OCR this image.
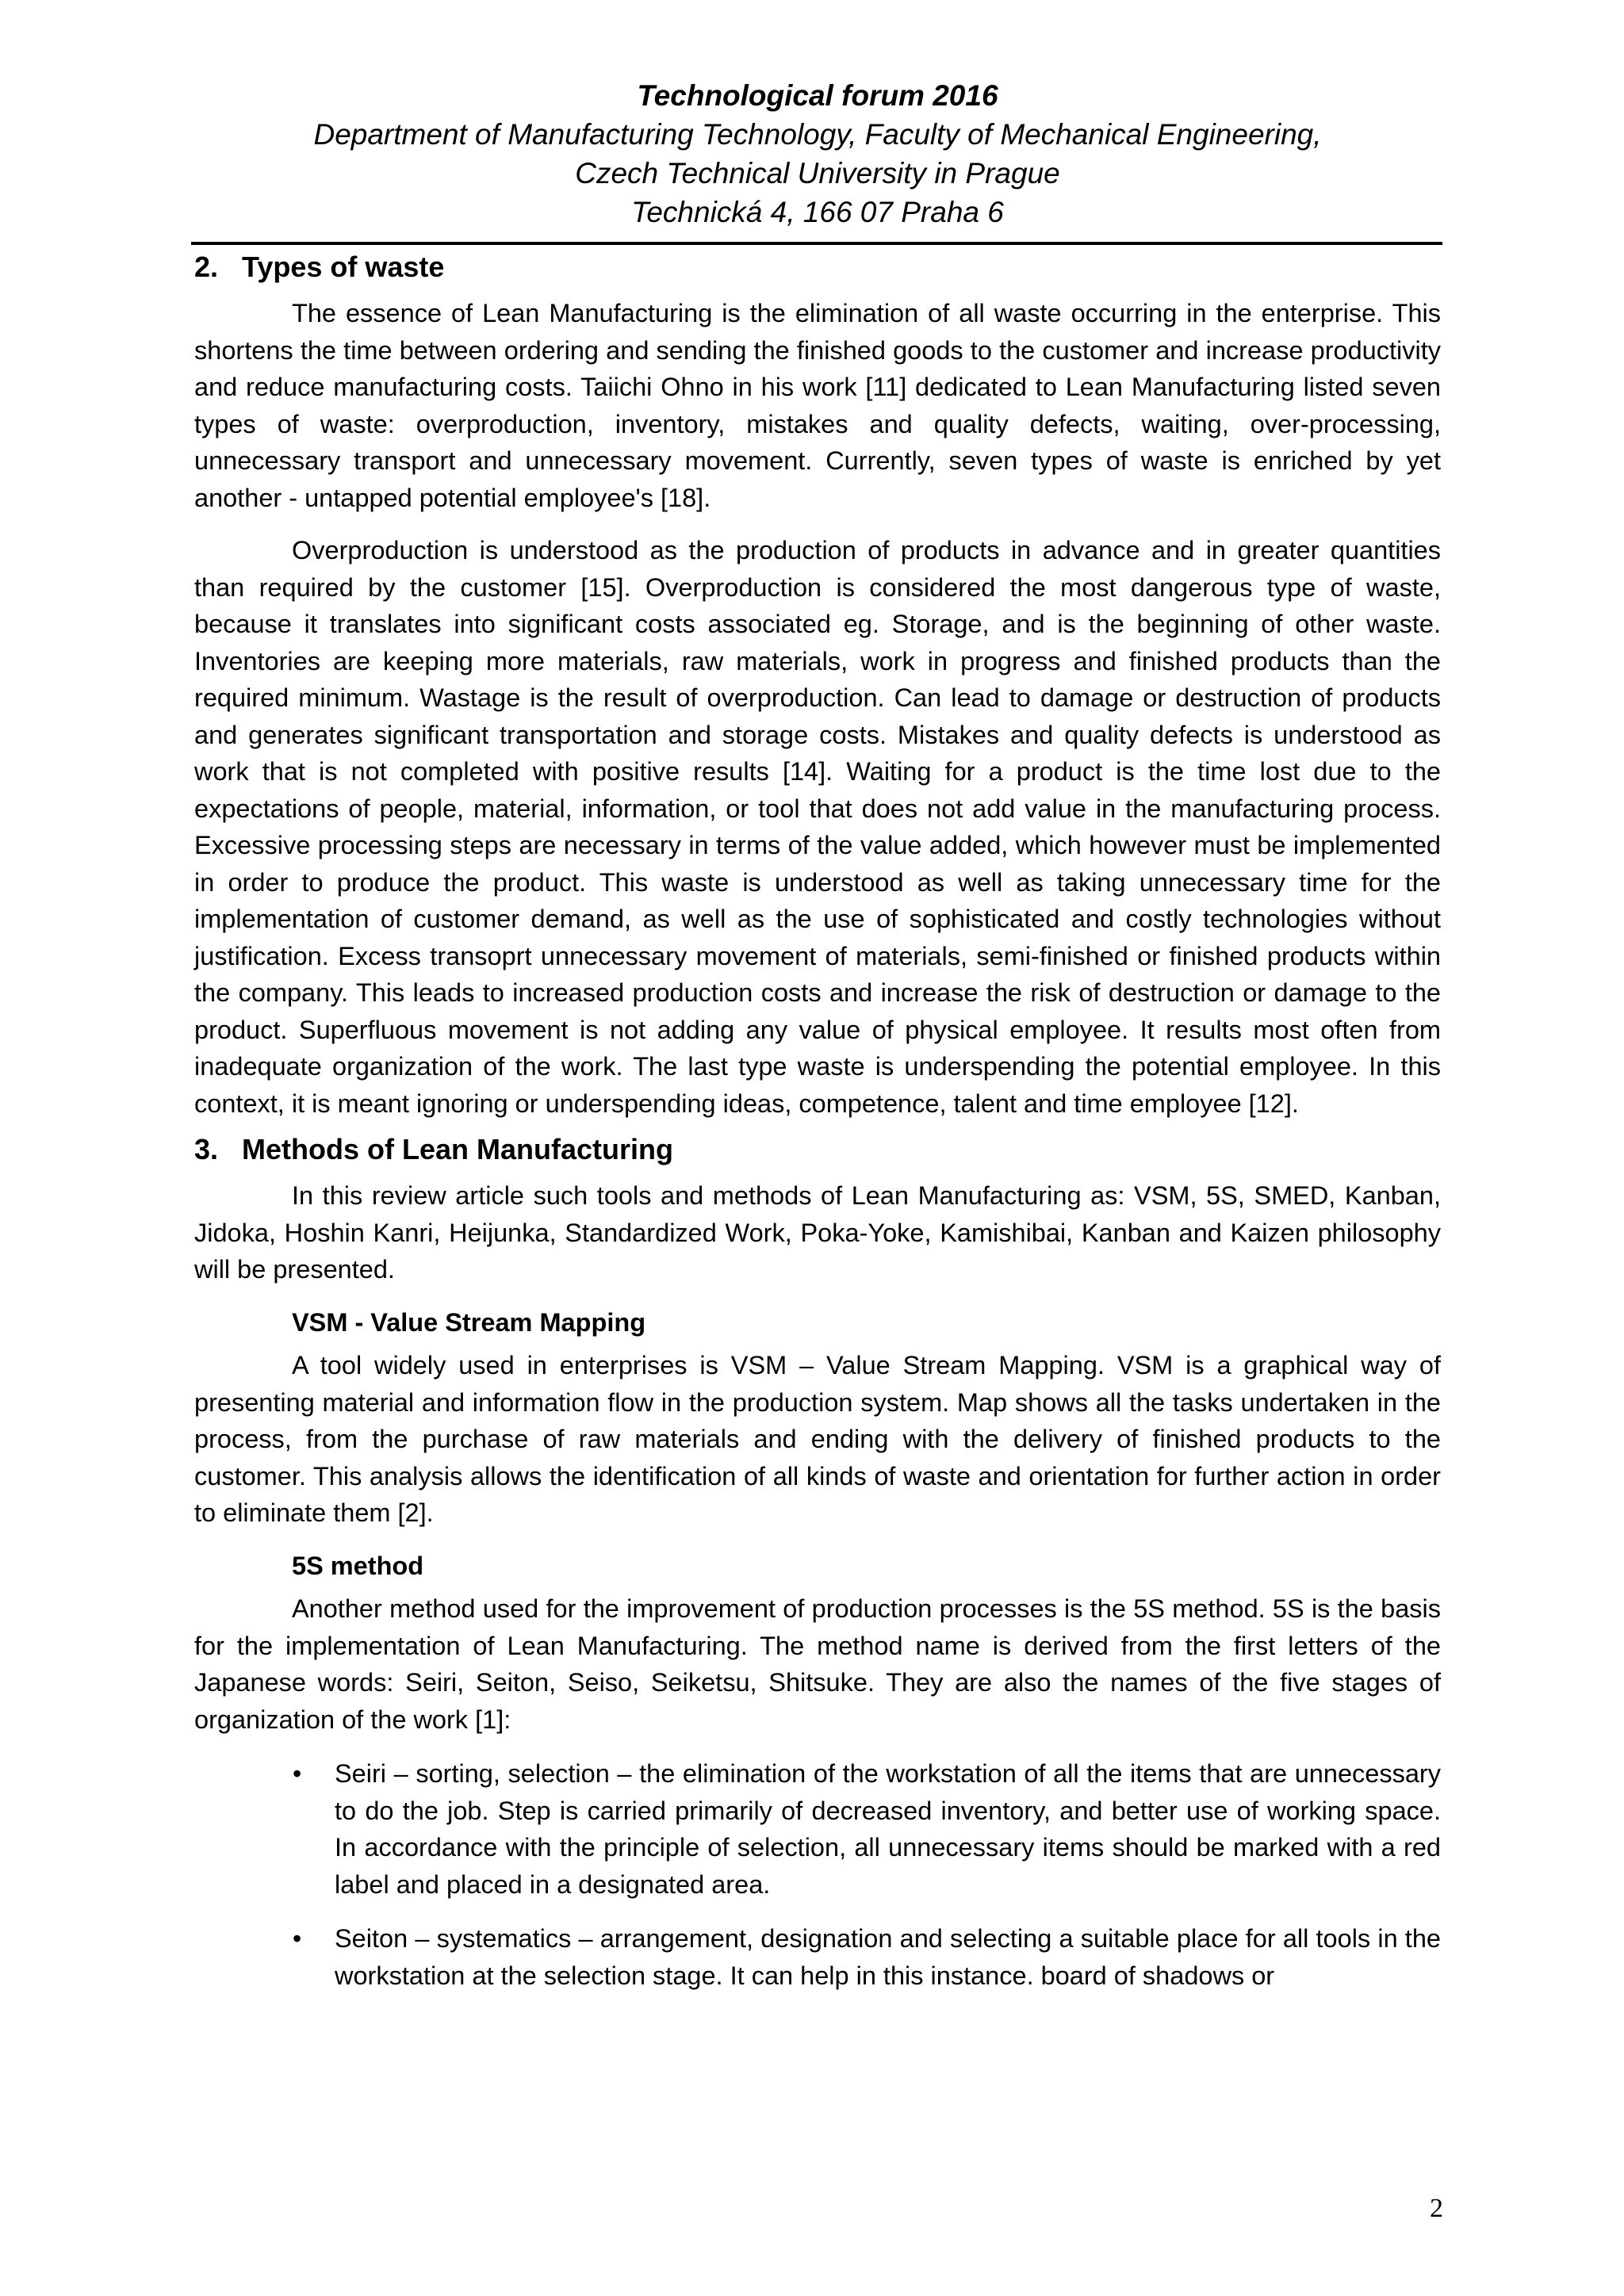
Technological forum 2016
Department of Manufacturing Technology, Faculty of Mechanical Engineering,
Czech Technical University in Prague
Technická 4, 166 07 Praha 6
2.   Types of waste

The essence of Lean Manufacturing is the elimination of all waste occurring in the enterprise. This shortens the time between ordering and sending the finished goods to the customer and increase productivity and reduce manufacturing costs. Taiichi Ohno in his work [11] dedicated to Lean Manufacturing listed seven types of waste: overproduction, inventory, mistakes and quality defects, waiting, over-processing, unnecessary transport and unnecessary movement. Currently, seven types of waste is enriched by yet another - untapped potential employee's [18].

Overproduction is understood as the production of products in advance and in greater quantities than required by the customer [15]. Overproduction is considered the most dangerous type of waste, because it translates into significant costs associated eg. Storage, and is the beginning of other waste. Inventories are keeping more materials, raw materials, work in progress and finished products than the required minimum. Wastage is the result of overproduction. Can lead to damage or destruction of products and generates significant transportation and storage costs. Mistakes and quality defects is understood as work that is not completed with positive results [14]. Waiting for a product is the time lost due to the expectations of people, material, information, or tool that does not add value in the manufacturing process. Excessive processing steps are necessary in terms of the value added, which however must be implemented in order to produce the product. This waste is understood as well as taking unnecessary time for the implementation of customer demand, as well as the use of sophisticated and costly technologies without justification. Excess transoprt unnecessary movement of materials, semi-finished or finished products within the company. This leads to increased production costs and increase the risk of destruction or damage to the product. Superfluous movement is not adding any value of physical employee. It results most often from inadequate organization of the work. The last type waste is underspending the potential employee. In this context, it is meant ignoring or underspending ideas, competence, talent and time employee [12].

3.   Methods of Lean Manufacturing

In this review article such tools and methods of Lean Manufacturing as: VSM, 5S, SMED, Kanban, Jidoka, Hoshin Kanri, Heijunka, Standardized Work, Poka-Yoke, Kamishibai, Kanban and Kaizen philosophy will be presented.

VSM - Value Stream Mapping

A tool widely used in enterprises is VSM – Value Stream Mapping. VSM is a graphical way of presenting material and information flow in the production system. Map shows all the tasks undertaken in the process, from the purchase of raw materials and ending with the delivery of finished products to the customer. This analysis allows the identification of all kinds of waste and orientation for further action in order to eliminate them [2].

5S method

Another method used for the improvement of production processes is the 5S method. 5S is the basis for the implementation of Lean Manufacturing. The method name is derived from the first letters of the Japanese words: Seiri, Seiton, Seiso, Seiketsu, Shitsuke. They are also the names of the five stages of organization of the work [1]:

• Seiri – sorting, selection – the elimination of the workstation of all the items that are unnecessary to do the job. Step is carried primarily of decreased inventory, and better use of working space. In accordance with the principle of selection, all unnecessary items should be marked with a red label and placed in a designated area.
• Seiton – systematics – arrangement, designation and selecting a suitable place for all tools in the workstation at the selection stage. It can help in this instance. board of shadows or
2
